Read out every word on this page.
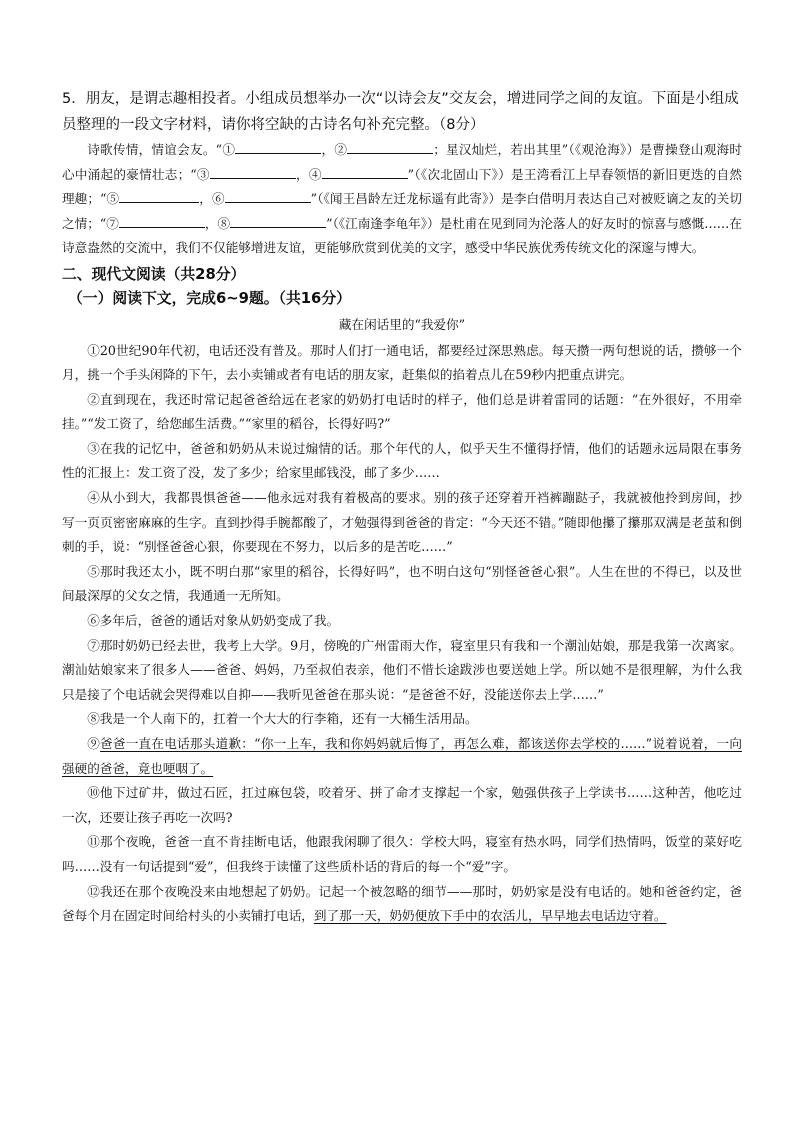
5．朋友，是谓志趣相投者。小组成员想举办一次“以诗会友”交友会，增进同学之间的友谊。下面是小组成员整理的一段文字材料，请你将空缺的古诗名句补充完整。（8分）

诗歌传情，情谊会友。“①	，②	；星汉灿烂，若出其里”（《观沧海》）是曹操登山观海时心中涌起的豪情壮志；“③	，④	”（《次北固山下》）是王湾看江上早春领悟的新旧更迭的自然理趣；“⑤	，⑥	”（《闻王昌龄左迁龙标遥有此寄》）是李白借明月表达自己对被贬谪之友的关切之情；“⑦	，⑧	”（《江南逢李龟年》）是杜甫在见到同为沦落人的好友时的惊喜与感慨……在诗意盎然的交流中，我们不仅能够增进友谊，更能够欣赏到优美的文字，感受中华民族优秀传统文化的深邃与博大。

二、现代文阅读（共28分）

（一）阅读下文，完成6~9题。（共16分）

藏在闲话里的“我爱你”

①20世纪90年代初，电话还没有普及。那时人们打一通电话，都要经过深思熟虑。每天攒一两句想说的话，攒够一个月，挑一个手头闲降的下午，去小卖铺或者有电话的朋友家，赶集似的掐着点儿在59秒内把重点讲完。

②直到现在，我还时常记起爸爸给远在老家的奶奶打电话时的样子，他们总是讲着雷同的话题：“在外很好，不用牵挂。”“发工资了，给您邮生活费。”“家里的稻谷，长得好吗?”

③在我的记忆中，爸爸和奶奶从未说过煽情的话。那个年代的人，似乎天生不懂得抒情，他们的话题永远局限在事务性的汇报上：发工资了没，发了多少；给家里邮钱没，邮了多少……

④从小到大，我都畏惧爸爸——他永远对我有着极高的要求。别的孩子还穿着开裆裤蹦跶子，我就被他拎到房间，抄写一页页密密麻麻的生字。直到抄得手腕都酸了，才勉强得到爸爸的肯定：“今天还不错。”随即他攥了攥那双满是老茧和倒刺的手，说：“别怪爸爸心狠，你要现在不努力，以后多的是苦吃……”

⑤那时我还太小，既不明白那“家里的稻谷，长得好吗”，也不明白这句“别怪爸爸心狠”。人生在世的不得已，以及世间最深厚的父女之情，我通通一无所知。

⑥多年后，爸爸的通话对象从奶奶变成了我。

⑦那时奶奶已经去世，我考上大学。9月，傍晚的广州雷雨大作，寝室里只有我和一个潮汕姑娘，那是我第一次离家。潮汕姑娘家来了很多人——爸爸、妈妈，乃至叔伯表亲，他们不惜长途跋涉也要送她上学。所以她不是很理解，为什么我只是接了个电话就会哭得难以自抑——我听见爸爸在那头说：“是爸爸不好，没能送你去上学……”

⑧我是一个人南下的，扛着一个大大的行李箱，还有一大桶生活用品。

⑨爸爸一直在电话那头道歉：“你一上车，我和你妈妈就后悔了，再怎么难，都该送你去学校的……”说着说着，一向强硬的爸爸，竟也哽咽了。

⑩他下过矿井，做过石匠，扛过麻包袋，咬着牙、拼了命才支撑起一个家，勉强供孩子上学读书……这种苦，他吃过一次，还要让孩子再吃一次吗?

⑪那个夜晚，爸爸一直不肯挂断电话，他跟我闲聊了很久：学校大吗，寝室有热水吗，同学们热情吗，饭堂的菜好吃吗……没有一句话提到“爱”，但我终于读懂了这些质朴话的背后的每一个“爱”字。

⑫我还在那个夜晚没来由地想起了奶奶。记起一个被忽略的细节——那时，奶奶家是没有电话的。她和爸爸约定，爸爸每个月在固定时间给村头的小卖铺打电话，到了那一天，奶奶便放下手中的农活儿，早早地去电话边守着。
